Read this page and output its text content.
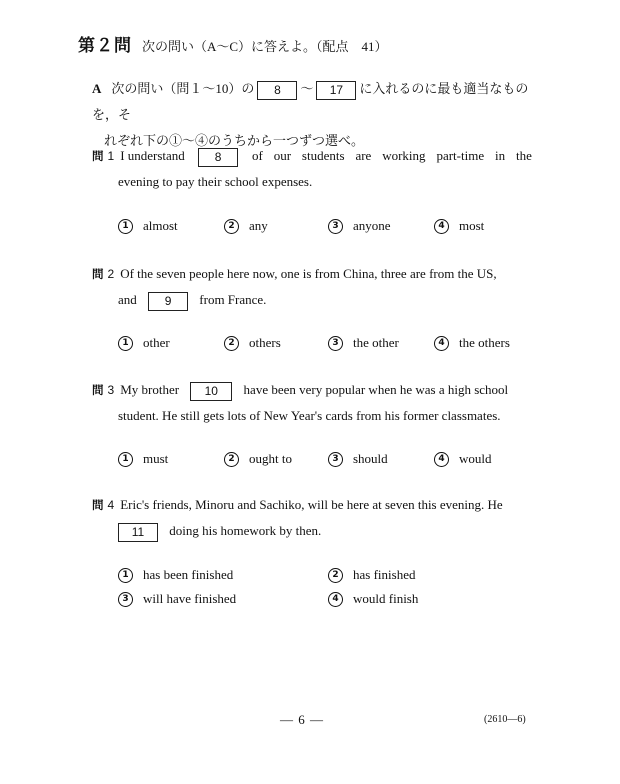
第２問 次の問い（A〜C）に答えよ。（配点　41）
A 次の問い（問１〜10）の 8 〜 17 に入れるのに最も適当なものを，そ
れぞれ下の①〜④のうちから一つずつ選べ。
問 1 I understand 8	of our students are working part-time in the
evening to pay their school expenses.
1	almost	2	any	3	anyone	4	most
問 2 Of the seven people here now, one is from China, three are from the US,
and 9 from France.
1	other	2	others	3	the other	4	the others
問 3 My brother 10 have been very popular when he was a high school
student. He still gets lots of New Year's cards from his former classmates.
1	must	2	ought to	3	should	4	would
問 4 Eric's friends, Minoru and Sachiko, will be here at seven this evening. He
11 doing his homework by then.
1	has been finished	2	has finished
3	will have finished	4	would finish
— 6 —	(2610—6)
